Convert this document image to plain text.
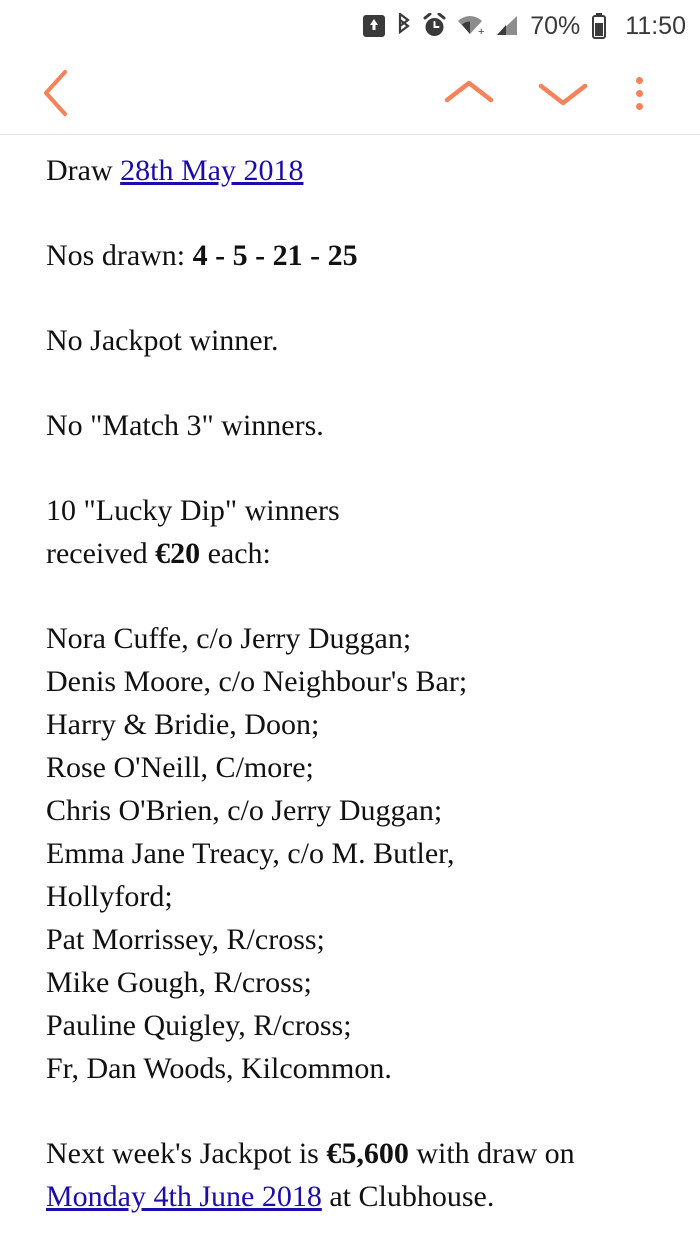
+ 70% 11:50

Draw 28th May 2018

Nos drawn: 4 - 5 - 21 - 25

No Jackpot winner.

No "Match 3" winners.

10 "Lucky Dip" winners
received €20 each:

Nora Cuffe, c/o Jerry Duggan;
Denis Moore, c/o Neighbour's Bar;
Harry & Bridie, Doon;
Rose O'Neill, C/more;
Chris O'Brien, c/o Jerry Duggan;
Emma Jane Treacy, c/o M. Butler,
Hollyford;
Pat Morrissey, R/cross;
Mike Gough, R/cross;
Pauline Quigley, R/cross;
Fr, Dan Woods, Kilcommon.

Next week's Jackpot is €5,600 with draw on Monday 4th June 2018 at Clubhouse.
